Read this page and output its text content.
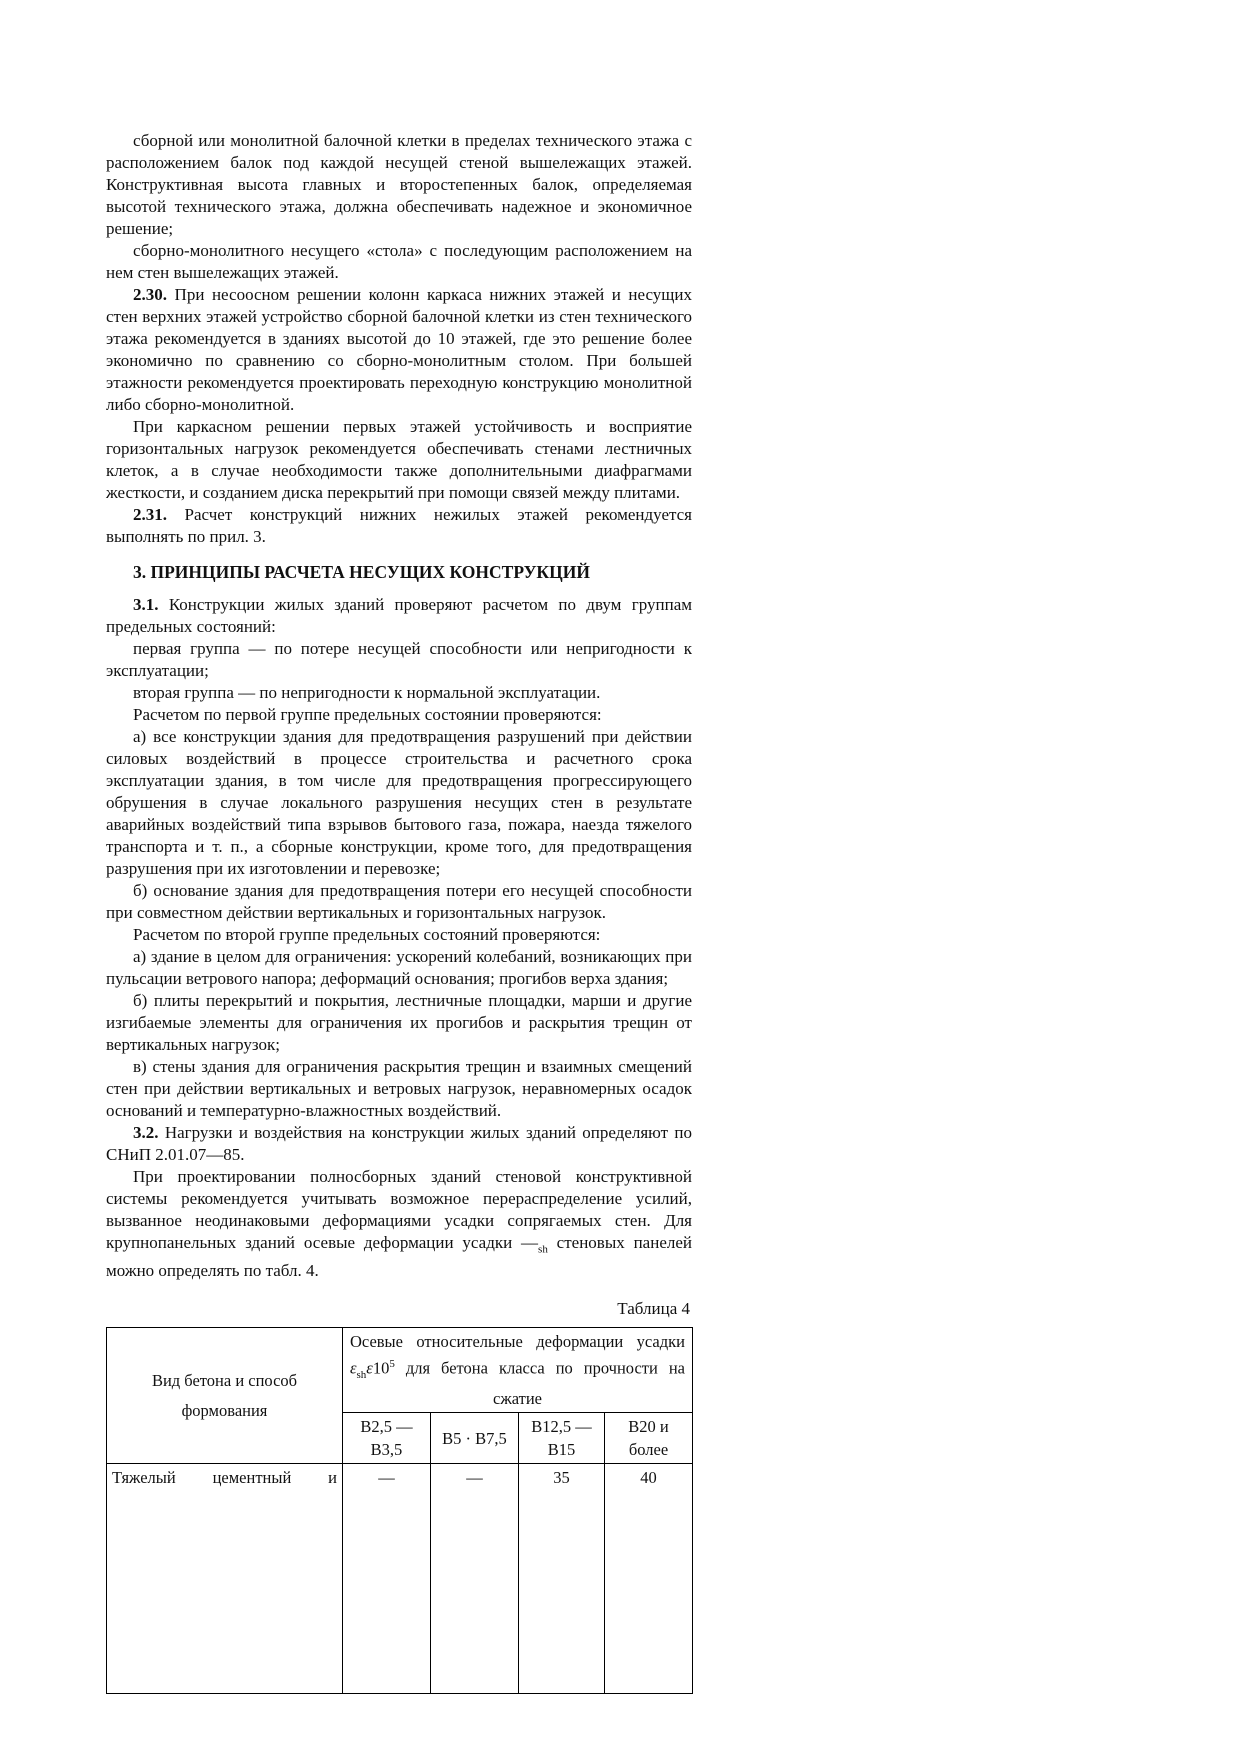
сборной или монолитной балочной клетки в пределах технического этажа с расположением балок под каждой несущей стеной вышележащих этажей. Конструктивная высота главных и второстепенных балок, определяемая высотой технического этажа, должна обеспечивать надежное и экономичное решение;

сборно-монолитного несущего «стола» с последующим расположением на нем стен вышележащих этажей.

2.30. При несоосном решении колонн каркаса нижних этажей и несущих стен верхних этажей устройство сборной балочной клетки из стен технического этажа рекомендуется в зданиях высотой до 10 этажей, где это решение более экономично по сравнению со сборно-монолитным столом. При большей этажности рекомендуется проектировать переходную конструкцию монолитной либо сборно-монолитной.

При каркасном решении первых этажей устойчивость и восприятие горизонтальных нагрузок рекомендуется обеспечивать стенами лестничных клеток, а в случае необходимости также дополнительными диафрагмами жесткости, и созданием диска перекрытий при помощи связей между плитами.

2.31. Расчет конструкций нижних нежилых этажей рекомендуется выполнять по прил. 3.

3. ПРИНЦИПЫ РАСЧЕТА НЕСУЩИХ КОНСТРУКЦИЙ

3.1. Конструкции жилых зданий проверяют расчетом по двум группам предельных состояний:

первая группа — по потере несущей способности или непригодности к эксплуатации;

вторая группа — по непригодности к нормальной эксплуатации.

Расчетом по первой группе предельных состоянии проверяются:

а) все конструкции здания для предотвращения разрушений при действии силовых воздействий в процессе строительства и расчетного срока эксплуатации здания, в том числе для предотвращения прогрессирующего обрушения в случае локального разрушения несущих стен в результате аварийных воздействий типа взрывов бытового газа, пожара, наезда тяжелого транспорта и т. п., а сборные конструкции, кроме того, для предотвращения разрушения при их изготовлении и перевозке;

б) основание здания для предотвращения потери его несущей способности при совместном действии вертикальных и горизонтальных нагрузок.

Расчетом по второй группе предельных состояний проверяются:

а) здание в целом для ограничения: ускорений колебаний, возникающих при пульсации ветрового напора; деформаций основания; прогибов верха здания;

б) плиты перекрытий и покрытия, лестничные площадки, марши и другие изгибаемые элементы для ограничения их прогибов и раскрытия трещин от вертикальных нагрузок;

в) стены здания для ограничения раскрытия трещин и взаимных смещений стен при действии вертикальных и ветровых нагрузок, неравномерных осадок оснований и температурно-влажностных воздействий.

3.2. Нагрузки и воздействия на конструкции жилых зданий определяют по СНиП 2.01.07—85.

При проектировании полносборных зданий стеновой конструктивной системы рекомендуется учитывать возможное перераспределение усилий, вызванное неодинаковыми деформациями усадки сопрягаемых стен. Для крупнопанельных зданий осевые деформации усадки $—_{sh}$ стеновых панелей можно определять по табл. 4.

Таблица 4
Вид бетона и способ формования	Осевые относительные деформации усадки $\varepsilon_{sh}\varepsilon 10^5$ для бетона класса по прочности на сжатие			
	В2,5 — В3,5	В5 · В7,5	В12,5 — В15	В20 и более
Тяжелый цементный и	—	—	35	40
